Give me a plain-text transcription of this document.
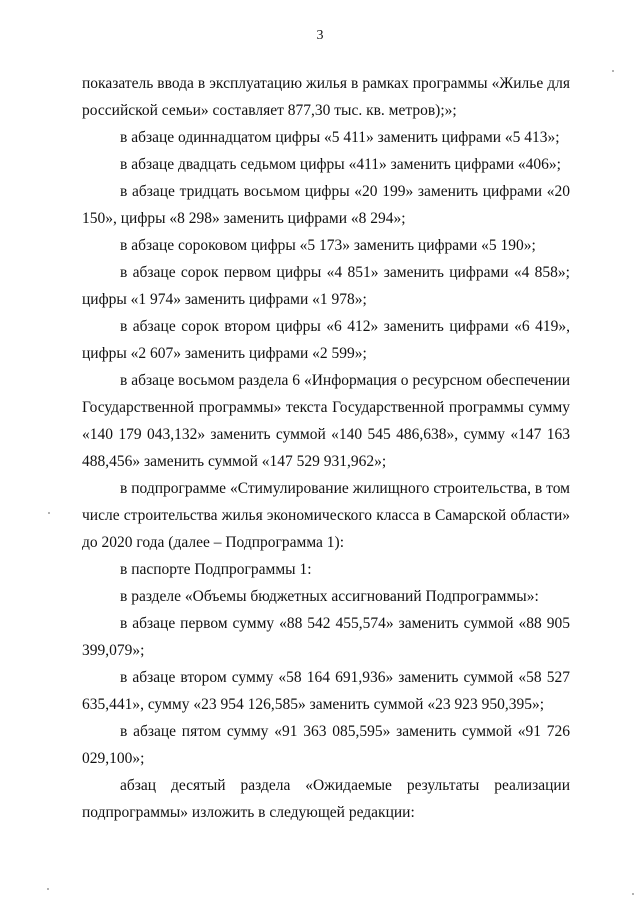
3

показатель ввода в эксплуатацию жилья в рамках программы «Жилье для российской семьи» составляет 877,30 тыс. кв. метров);»;

в абзаце одиннадцатом цифры «5 411» заменить цифрами «5 413»;

в абзаце двадцать седьмом цифры «411» заменить цифрами «406»;

в абзаце тридцать восьмом цифры «20 199» заменить цифрами «20 150», цифры «8 298» заменить цифрами «8 294»;

в абзаце сороковом цифры «5 173» заменить цифрами «5 190»;

в абзаце сорок первом цифры «4 851» заменить цифрами «4 858»; цифры «1 974» заменить цифрами «1 978»;

в абзаце сорок втором цифры «6 412» заменить цифрами «6 419», цифры «2 607» заменить цифрами «2 599»;

в абзаце восьмом раздела 6 «Информация о ресурсном обеспечении Государственной программы» текста Государственной программы сумму «140 179 043,132» заменить суммой «140 545 486,638», сумму «147 163 488,456» заменить суммой «147 529 931,962»;

в подпрограмме «Стимулирование жилищного строительства, в том числе строительства жилья экономического класса в Самарской области» до 2020 года (далее – Подпрограмма 1):

в паспорте Подпрограммы 1:

в разделе «Объемы бюджетных ассигнований Подпрограммы»:

в абзаце первом сумму «88 542 455,574» заменить суммой «88 905 399,079»;

в абзаце втором сумму «58 164 691,936» заменить суммой «58 527 635,441», сумму «23 954 126,585» заменить суммой «23 923 950,395»;

в абзаце пятом сумму «91 363 085,595» заменить суммой «91 726 029,100»;

абзац десятый раздела «Ожидаемые результаты реализации подпрограммы» изложить в следующей редакции:
